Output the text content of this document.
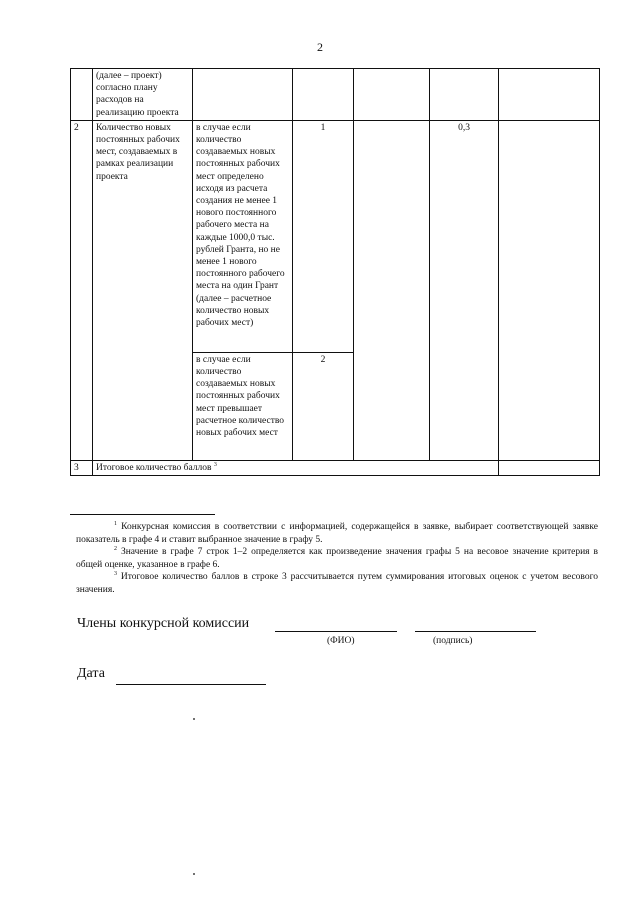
2
	(далее – проект) согласно плану расходов на реализацию проекта					
2	Количество новых постоянных рабочих мест, создаваемых в рамках реализации проекта	в случае если количество создаваемых новых постоянных рабочих мест определено исходя из расчета создания не менее 1 нового постоянного рабочего места на каждые 1000,0 тыс. рублей Гранта, но не менее 1 нового постоянного рабочего места на один Грант (далее – расчетное количество новых рабочих мест)	1		0,3	
		в случае если количество создаваемых новых постоянных рабочих мест превышает расчетное количество новых рабочих мест	2			
3	Итоговое количество баллов $^3$	

$^1$ Конкурсная комиссия в соответствии с информацией, содержащейся в заявке, выбирает соответствующей заявке показатель в графе 4 и ставит выбранное значение в графу 5.

$^2$ Значение в графе 7 строк 1–2 определяется как произведение значения графы 5 на весовое значение критерия в общей оценке, указанное в графе 6.

$^3$ Итоговое количество баллов в строке 3 рассчитывается путем суммирования итоговых оценок с учетом весового значения.

Члены конкурсной комиссии
(ФИО)	(подпись)
Дата
